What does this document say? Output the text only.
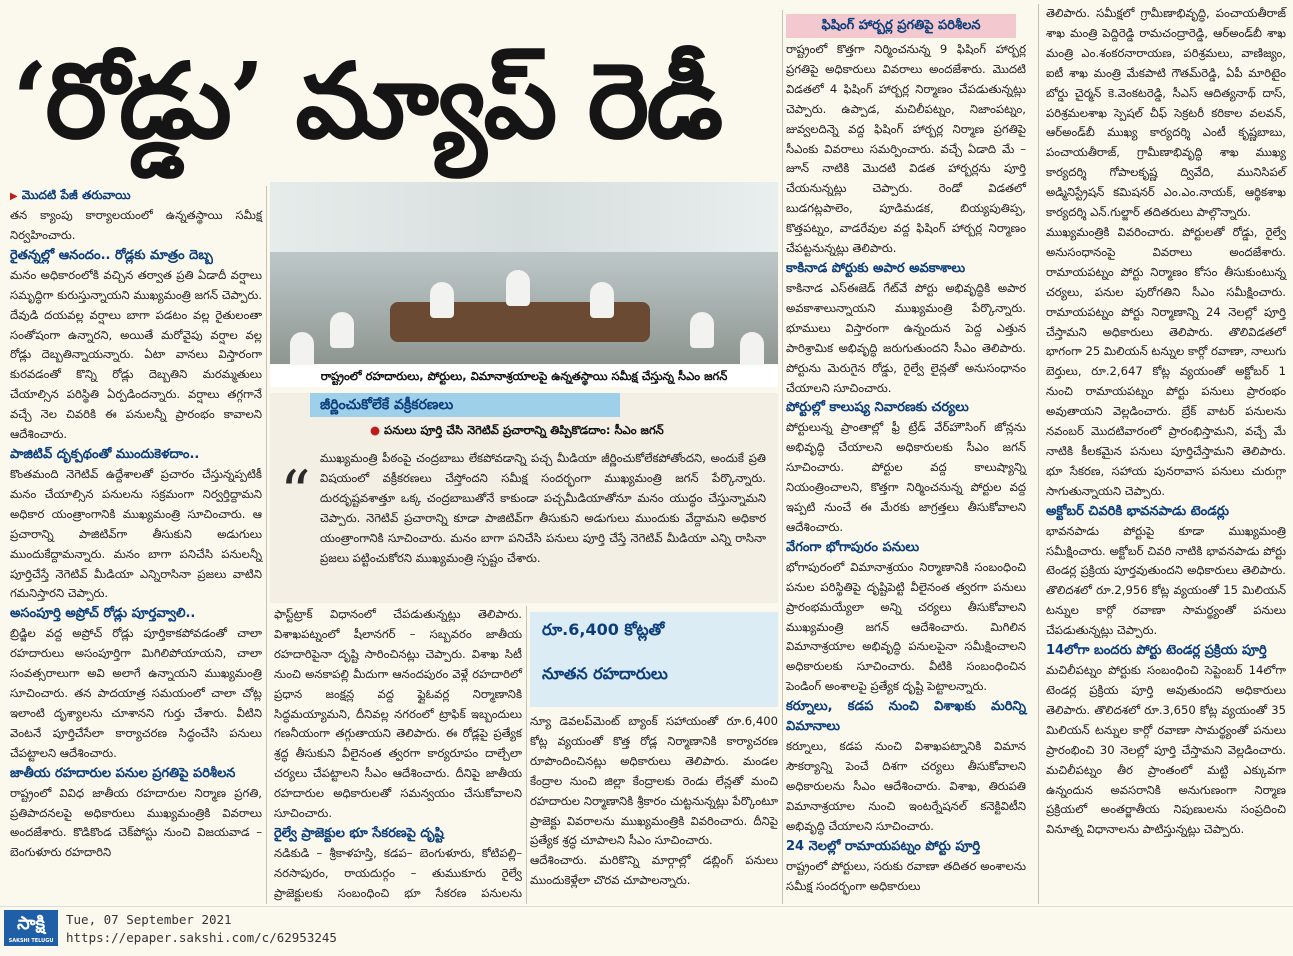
‘రోడ్డు’ మ్యాప్ రెడీ
▶ మొదటి పేజీ తరువాయి

తన క్యాంపు కార్యాలయంలో ఉన్నతస్థాయి సమీక్ష నిర్వహించారు.

రైతన్నల్లో ఆనందం.. రోడ్లకు మాత్రం దెబ్బ

మనం అధికారంలోకి వచ్చిన తర్వాత ప్రతి ఏడాదీ వర్షాలు సమృద్ధిగా కురుస్తున్నాయని ముఖ్యమంత్రి జగన్ చెప్పారు. దేవుడి దయవల్ల వర్షాలు బాగా పడటం వల్ల రైతులంతా సంతోషంగా ఉన్నారని, అయితే మరోవైపు వర్షాల వల్ల రోడ్లు దెబ్బతిన్నాయన్నారు. ఏటా వానలు విస్తారంగా కురవడంతో కొన్ని రోడ్లు దెబ్బతిని మరమ్మతులు చేయాల్సిన పరిస్థితి ఏర్పడిందన్నారు. వర్షాలు తగ్గగానే వచ్చే నెల చివరికి ఈ పనులన్నీ ప్రారంభం కావాలని ఆదేశించారు.

పాజిటివ్ దృక్పథంతో ముందుకెళదాం..

కొంతమంది నెగెటివ్ ఉద్దేశాలతో ప్రచారం చేస్తున్నప్పటికీ మనం చేయాల్సిన పనులను సక్రమంగా నిర్వర్తిద్దామని అధికార యంత్రాంగానికి ముఖ్యమంత్రి సూచించారు. ఆ ప్రచారాన్ని పాజిటివ్‌గా తీసుకుని అడుగులు ముందుకేద్దామన్నారు. మనం బాగా పనిచేసి పనులన్నీ పూర్తిచేస్తే నెగెటివ్ మీడియా ఎన్నిరాసినా ప్రజలు వాటిని గమనిస్తారని చెప్పారు.

అసంపూర్తి అప్రోచ్ రోడ్లు పూర్తవ్వాలి..

బ్రిడ్జిల వద్ద అప్రోచ్ రోడ్లు పూర్తికాకపోవడంతో చాలా రహదారులు అసంపూర్తిగా మిగిలిపోయాయని, చాలా సంవత్సరాలుగా అవి అలాగే ఉన్నాయని ముఖ్యమంత్రి సూచించారు. తన పాదయాత్ర సమయంలో చాలా చోట్ల ఇలాంటి దృశ్యాలను చూశానని గుర్తు చేశారు. వీటిని వెంటనే పూర్తిచేసేలా కార్యాచరణ సిద్ధంచేసి పనులు చేపట్టాలని ఆదేశించారు.

జాతీయ రహదారుల పనుల ప్రగతిపై పరిశీలన

రాష్ట్రంలో వివిధ జాతీయ రహదారుల నిర్మాణ ప్రగతి, ప్రతిపాదనలపై అధికారులు ముఖ్యమంత్రికి వివరాలు అందజేశారు. కొడికొండ చెక్‌పోస్టు నుంచి విజయవాడ – బెంగుళూరు రహదారిని

రాష్ట్రంలో రహదారులు, పోర్టులు, విమానాశ్రయాలపై ఉన్నతస్థాయి సమీక్ష చేస్తున్న సీఎం జగన్
జీర్ణించుకోలేకే వక్రీకరణలు
● పనులు పూర్తి చేసి నెగెటివ్ ప్రచారాన్ని తిప్పికొడదాం: సీఎం జగన్
“ ముఖ్యమంత్రి పీఠంపై చంద్రబాబు లేకపోవడాన్ని పచ్చ మీడియా జీర్ణించుకోలేకపోతోందని, అందుకే ప్రతి విషయంలో వక్రీకరణలు చేస్తోందని సమీక్ష సందర్భంగా ముఖ్యమంత్రి జగన్ పేర్కొన్నారు. దురదృష్టవశాత్తూ ఒక్క చంద్రబాబుతోనే కాకుండా పచ్చమీడియాతోనూ మనం యుద్ధం చేస్తున్నామని చెప్పారు. నెగెటివ్ ప్రచారాన్ని కూడా పాజిటివ్‌గా తీసుకుని అడుగులు ముందుకు వేద్దామని అధికార యంత్రాంగానికి సూచించారు. మనం బాగా పనిచేసి పనులు పూర్తి చేస్తే నెగెటివ్ మీడియా ఎన్ని రాసినా ప్రజలు పట్టించుకోరని ముఖ్యమంత్రి స్పష్టం చేశారు.

ఫాస్ట్‌ట్రాక్ విధానంలో చేపడుతున్నట్లు తెలిపారు. విశాఖపట్నంలో షీలానగర్ – సబ్బవరం జాతీయ రహదారిపైనా దృష్టి సారించినట్లు చెప్పారు. విశాఖ సిటీ నుంచి అనకాపల్లి మీదుగా ఆనందపురం వెళ్లే రహదారిలో ప్రధాన జంక్షన్ల వద్ద ఫ్లైఓవర్ల నిర్మాణానికి సిద్ధమయ్యామని, దీనివల్ల నగరంలో ట్రాఫిక్ ఇబ్బందులు గణనీయంగా తగ్గుతాయని తెలిపారు. ఈ రోడ్లపై ప్రత్యేక శ్రద్ధ తీసుకుని వీలైనంత త్వరగా కార్యరూపం దాల్చేలా చర్యలు చేపట్టాలని సీఎం ఆదేశించారు. దీనిపై జాతీయ రహదారుల అధికారులతో సమన్వయం చేసుకోవాలని సూచించారు.

రైల్వే ప్రాజెక్టుల భూ సేకరణపై దృష్టి

నడికుడి – శ్రీకాళహస్తి, కడప– బెంగుళూరు, కోటిపల్లి–నరసాపురం, రాయదుర్గం – తుముకూరు రైల్వే ప్రాజెక్టులకు సంబంధించి భూ సేకరణ పనులను

రూ.6,400 కోట్లతో
నూతన రహదారులు

న్యూ డెవలప్‌మెంట్ బ్యాంక్ సహాయంతో రూ.6,400 కోట్ల వ్యయంతో కొత్త రోడ్ల నిర్మాణానికి కార్యాచరణ రూపొందించినట్లు అధికారులు తెలిపారు. మండల కేంద్రాల నుంచి జిల్లా కేంద్రాలకు రెండు లేన్లతో మంచి రహదారుల నిర్మాణానికి శ్రీకారం చుట్టనున్నట్లు పేర్కొంటూ ప్రాజెక్టు వివరాలను ముఖ్యమంత్రికి వివరించారు. దీనిపై ప్రత్యేక శ్రద్ధ చూపాలని సీఎం సూచించారు.

ఆదేశించారు. మరికొన్ని మార్గాల్లో డబ్లింగ్ పనులు ముందుకెళ్లేలా చొరవ చూపాలన్నారు.

ఫిషింగ్ హార్బర్ల ప్రగతిపై పరిశీలన

రాష్ట్రంలో కొత్తగా నిర్మించనున్న 9 ఫిషింగ్ హార్బర్ల ప్రగతిపై అధికారులు వివరాలు అందజేశారు. మొదటి విడతలో 4 ఫిషింగ్ హార్బర్ల నిర్మాణం చేపడుతున్నట్లు చెప్పారు. ఉప్పాడ, మచిలీపట్నం, నిజాంపట్నం, జువ్వలదిన్నె వద్ద ఫిషింగ్ హార్బర్ల నిర్మాణ ప్రగతిపై సీఎంకు వివరాలు సమర్పించారు. వచ్చే ఏడాది మే – జూన్ నాటికి మొదటి విడత హార్బర్లను పూర్తి చేయనున్నట్లు చెప్పారు. రెండో విడతలో బుడగట్లపాలెం, పూడిమడక, బియ్యపుతిప్ప, కొత్తపట్నం, వాడరేవుల వద్ద ఫిషింగ్ హార్బర్ల నిర్మాణం చేపట్టనున్నట్లు తెలిపారు.

కాకినాడ పోర్టుకు అపార అవకాశాలు

కాకినాడ ఎస్ఈజెడ్ గేట్‌వే పోర్టు అభివృద్ధికి అపార అవకాశాలున్నాయని ముఖ్యమంత్రి పేర్కొన్నారు. భూములు విస్తారంగా ఉన్నందున పెద్ద ఎత్తున పారిశ్రామిక అభివృద్ధి జరుగుతుందని సీఎం తెలిపారు. పోర్టును మెరుగైన రోడ్డు, రైల్వే లైన్లతో అనుసంధానం చేయాలని సూచించారు.

పోర్టుల్లో కాలుష్య నివారణకు చర్యలు

పోర్టులున్న ప్రాంతాల్లో ఫ్రీ ట్రేడ్ వేర్‌హౌసింగ్ జోన్లను అభివృద్ధి చేయాలని అధికారులకు సీఎం జగన్ సూచించారు. పోర్టుల వద్ద కాలుష్యాన్ని నియంత్రించాలని, కొత్తగా నిర్మించనున్న పోర్టుల వద్ద ఇప్పటి నుంచే ఈ మేరకు జాగ్రత్తలు తీసుకోవాలని ఆదేశించారు.

వేగంగా భోగాపురం పనులు

భోగాపురంలో విమానాశ్రయం నిర్మాణానికి సంబంధించి పనుల పరిస్థితిపై దృష్టిపెట్టి వీలైనంత త్వరగా పనులు ప్రారంభమయ్యేలా అన్ని చర్యలు తీసుకోవాలని ముఖ్యమంత్రి జగన్ ఆదేశించారు. మిగిలిన విమానాశ్రయాల అభివృద్ధి పనులపైనా సమీక్షించాలని అధికారులకు సూచించారు. వీటికి సంబంధించిన పెండింగ్ అంశాలపై ప్రత్యేక దృష్టి పెట్టాలన్నారు.

కర్నూలు, కడప నుంచి విశాఖకు మరిన్ని విమానాలు

కర్నూలు, కడప నుంచి విశాఖపట్నానికి విమాన సౌకర్యాన్ని పెంచే దిశగా చర్యలు తీసుకోవాలని అధికారులను సీఎం ఆదేశించారు. విశాఖ, తిరుపతి విమానాశ్రయాల నుంచి ఇంటర్నేషనల్ కనెక్టివిటీని అభివృద్ధి చేయాలని సూచించారు.

24 నెలల్లో రామాయపట్నం పోర్టు పూర్తి

రాష్ట్రంలో పోర్టులు, సరుకు రవాణా తదితర అంశాలను సమీక్ష సందర్భంగా అధికారులు

తెలిపారు. సమీక్షలో గ్రామీణాభివృద్ధి, పంచాయతీరాజ్ శాఖ మంత్రి పెద్దిరెడ్డి రామచంద్రారెడ్డి, ఆర్అండ్‌బీ శాఖ మంత్రి ఎం.శంకరనారాయణ, పరిశ్రమలు, వాణిజ్యం, ఐటీ శాఖ మంత్రి మేకపాటి గౌతమ్‌రెడ్డి, ఏపీ మారిటైం బోర్డు చైర్మన్ కె.వెంకటరెడ్డి, సీఎస్ ఆదిత్యనాథ్ దాస్, పరిశ్రమలశాఖ స్పెషల్ చీఫ్ సెక్రటరీ కరికాల వలవన్, ఆర్అండ్‌బీ ముఖ్య కార్యదర్శి ఎంటీ కృష్ణబాబు, పంచాయతీరాజ్, గ్రామీణాభివృద్ధి శాఖ ముఖ్య కార్యదర్శి గోపాలకృష్ణ ద్వివేది, మునిసిపల్ అడ్మినిస్ట్రేషన్ కమిషనర్ ఎం.ఎం.నాయక్, ఆర్థికశాఖ కార్యదర్శి ఎన్.గుల్జార్ తదితరులు పాల్గొన్నారు.

ముఖ్యమంత్రికి వివరించారు. పోర్టులతో రోడ్డు, రైల్వే అనుసంధానంపై వివరాలు అందజేశారు. రామాయపట్నం పోర్టు నిర్మాణం కోసం తీసుకుంటున్న చర్యలు, పనుల పురోగతిని సీఎం సమీక్షించారు. రామాయపట్నం పోర్టు నిర్మాణాన్ని 24 నెలల్లో పూర్తి చేస్తామని అధికారులు తెలిపారు. తొలివిడతలో భాగంగా 25 మిలియన్ టన్నుల కార్గో రవాణా, నాలుగు బెర్తులు, రూ.2,647 కోట్ల వ్యయంతో అక్టోబర్ 1 నుంచి రామాయపట్నం పోర్టు పనులు ప్రారంభం అవుతాయని వెల్లడించారు. బ్రేక్ వాటర్ పనులను నవంబర్ మొదటివారంలో ప్రారంభిస్తామని, వచ్చే మే నాటికి కీలకమైన పనులు పూర్తిచేస్తామని తెలిపారు. భూ సేకరణ, సహాయ పునరావాస పనులు చురుగ్గా సాగుతున్నాయని చెప్పారు.

అక్టోబర్ చివరికి భావనపాడు టెండర్లు

భావనపాడు పోర్టుపై కూడా ముఖ్యమంత్రి సమీక్షించారు. అక్టోబర్ చివరి నాటికి భావనపాడు పోర్టు టెండర్ల ప్రక్రియ పూర్తవుతుందని అధికారులు తెలిపారు. తొలిదశలో రూ.2,956 కోట్ల వ్యయంతో 15 మిలియన్ టన్నుల కార్గో రవాణా సామర్థ్యంతో పనులు చేపడుతున్నట్లు చెప్పారు.

14లోగా బందరు పోర్టు టెండర్ల ప్రక్రియ పూర్తి

మచిలీపట్నం పోర్టుకు సంబంధించి సెప్టెంబర్ 14లోగా టెండర్ల ప్రక్రియ పూర్తి అవుతుందని అధికారులు తెలిపారు. తొలిదశలో రూ.3,650 కోట్ల వ్యయంతో 35 మిలియన్ టన్నుల కార్గో రవాణా సామర్థ్యంతో పనులు ప్రారంభించి 30 నెలల్లో పూర్తి చేస్తామని వెల్లడించారు. మచిలీపట్నం తీర ప్రాంతంలో మట్టి ఎక్కువగా ఉన్నందున అవసరానికి అనుగుణంగా నిర్మాణ ప్రక్రియలో అంతర్జాతీయ నిపుణులను సంప్రదించి వినూత్న విధానాలను పాటిస్తున్నట్లు చెప్పారు.

సాక్షి
SAKSHI TELUGU DAILY
Tue, 07 September 2021
https://epaper.sakshi.com/c/62953245
